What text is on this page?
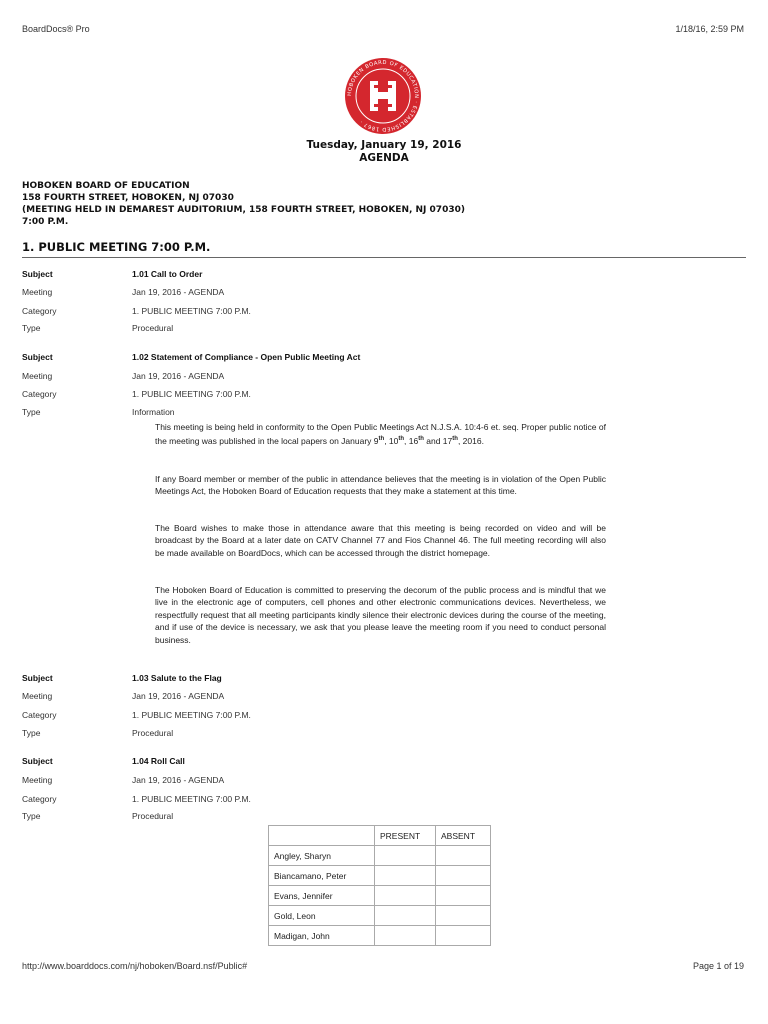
BoardDocs® Pro	1/18/16, 2:59 PM
HOBOKEN BOARD OF EDUCATION · ESTABLISHED 1867 ·
Tuesday, January 19, 2016
AGENDA
HOBOKEN BOARD OF EDUCATION
158 FOURTH STREET, HOBOKEN, NJ 07030
(MEETING HELD IN DEMAREST AUDITORIUM, 158 FOURTH STREET, HOBOKEN, NJ 07030)
7:00 P.M.
1. PUBLIC MEETING 7:00 P.M.
Subject	1.01 Call to Order
Meeting	Jan 19, 2016 - AGENDA
Category	1. PUBLIC MEETING 7:00 P.M.
Type	Procedural
Subject	1.02 Statement of Compliance - Open Public Meeting Act
Meeting	Jan 19, 2016 - AGENDA
Category	1. PUBLIC MEETING 7:00 P.M.
Type	Information
This meeting is being held in conformity to the Open Public Meetings Act N.J.S.A. 10:4-6 et. seq. Proper public notice of the meeting was published in the local papers on January 9th, 10th, 16th and 17th, 2016.
If any Board member or member of the public in attendance believes that the meeting is in violation of the Open Public Meetings Act, the Hoboken Board of Education requests that they make a statement at this time.
The Board wishes to make those in attendance aware that this meeting is being recorded on video and will be broadcast by the Board at a later date on CATV Channel 77 and Fios Channel 46. The full meeting recording will also be made available on BoardDocs, which can be accessed through the district homepage.
The Hoboken Board of Education is committed to preserving the decorum of the public process and is mindful that we live in the electronic age of computers, cell phones and other electronic communications devices. Nevertheless, we respectfully request that all meeting participants kindly silence their electronic devices during the course of the meeting, and if use of the device is necessary, we ask that you please leave the meeting room if you need to conduct personal business.
Subject	1.03 Salute to the Flag
Meeting	Jan 19, 2016 - AGENDA
Category	1. PUBLIC MEETING 7:00 P.M.
Type	Procedural
Subject	1.04 Roll Call
Meeting	Jan 19, 2016 - AGENDA
Category	1. PUBLIC MEETING 7:00 P.M.
Type	Procedural
	PRESENT	ABSENT
Angley, Sharyn		
Biancamano, Peter		
Evans, Jennifer		
Gold, Leon		
Madigan, John		
http://www.boarddocs.com/nj/hoboken/Board.nsf/Public#	Page 1 of 19
